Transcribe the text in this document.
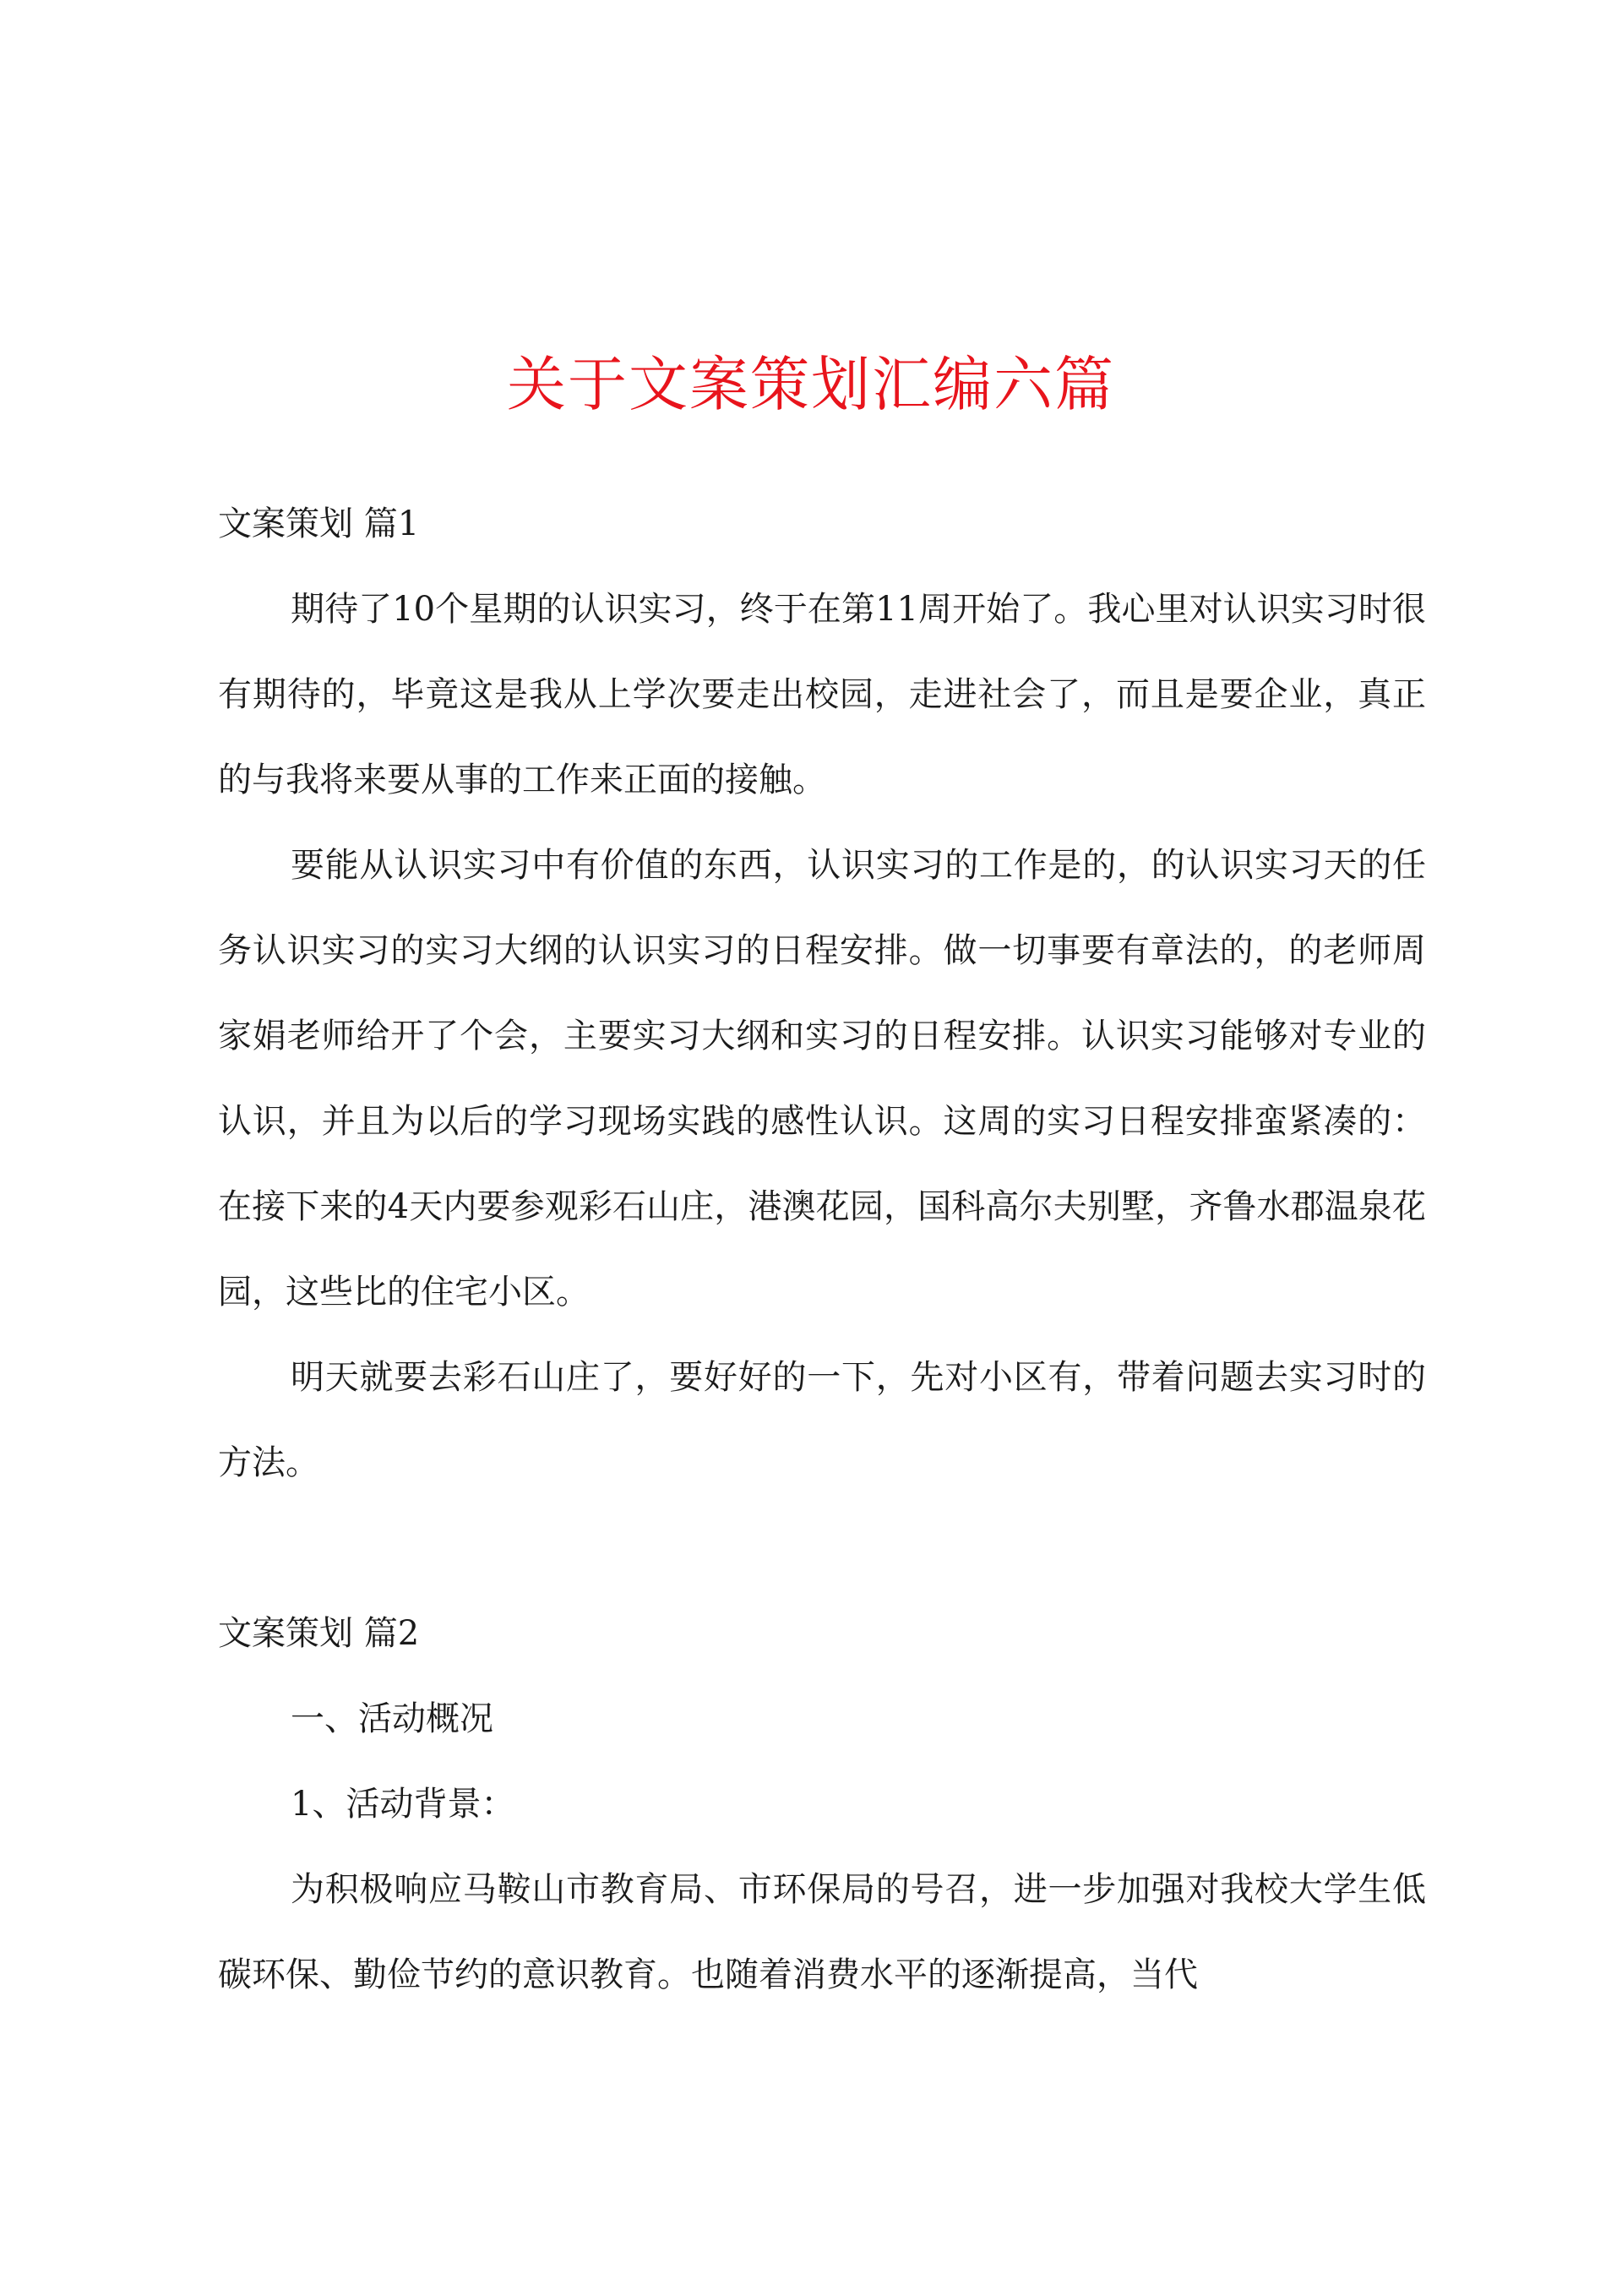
关于文案策划汇编六篇
文案策划 篇1

期待了10个星期的认识实习，终于在第11周开始了。我心里对认识实习时很有期待的，毕竟这是我从上学次要走出校园，走进社会了，而且是要企业，真正的与我将来要从事的工作来正面的接触。

要能从认识实习中有价值的东西，认识实习的工作是的，的认识实习天的任务认识实习的实习大纲的认识实习的日程安排。做一切事要有章法的，的老师周家娟老师给开了个会，主要实习大纲和实习的日程安排。认识实习能够对专业的认识，并且为以后的学习现场实践的感性认识。这周的实习日程安排蛮紧凑的：在接下来的4天内要参观彩石山庄，港澳花园，国科高尔夫别墅，齐鲁水郡温泉花园，这些比的住宅小区。

明天就要去彩石山庄了，要好好的一下，先对小区有，带着问题去实习时的方法。

文案策划 篇2

一、活动概况

1、活动背景：

为积极响应马鞍山市教育局、市环保局的号召，进一步加强对我校大学生低碳环保、勤俭节约的意识教育。也随着消费水平的逐渐提高，当代
